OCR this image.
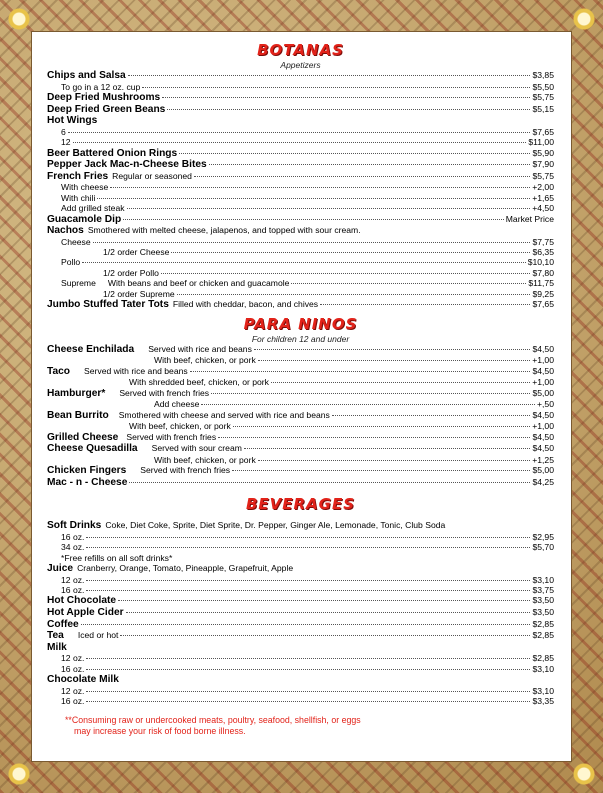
BOTANAS
Appetizers
Chips and Salsa	$3,85
To go in a 12 oz. cup	$5,50
Deep Fried Mushrooms	$5,75
Deep Fried Green Beans	$5,15
Hot Wings
6	$7,65
12	$11,00
Beer Battered Onion Rings	$5,90
Pepper Jack Mac-n-Cheese Bites	$7,90
French Fries Regular or seasoned	$5,75
With cheese	+2,00
With chili	+1,65
Add grilled steak	+4,50
Guacamole Dip	Market Price
Nachos Smothered with melted cheese, jalapenos, and topped with sour cream.
Cheese	$7,75
1/2 order Cheese	$6,35
Pollo	$10,10
1/2 order Pollo	$7,80
Supreme With beans and beef or chicken and guacamole	$11,75
1/2 order Supreme	$9,25
Jumbo Stuffed Tater Tots Filled with cheddar, bacon, and chives	$7,65
PARA NINOS
For children 12 and under
Cheese Enchilada Served with rice and beans	$4,50
With beef, chicken, or pork	+1,00
Taco Served with rice and beans	$4,50
With shredded beef, chicken, or pork	+1,00
Hamburger* Served with french fries	$5,00
Add cheese	+,50
Bean Burrito Smothered with cheese and served with rice and beans	$4,50
With beef, chicken, or pork	+1,00
Grilled Cheese Served with french fries	$4,50
Cheese Quesadilla Served with sour cream	$4,50
With beef, chicken, or pork	+1,25
Chicken Fingers Served with french fries	$5,00
Mac - n - Cheese	$4,25
BEVERAGES
Soft Drinks Coke, Diet Coke, Sprite, Diet Sprite, Dr. Pepper, Ginger Ale, Lemonade, Tonic, Club Soda
16 oz.	$2,95
34 oz.	$5,70
*Free refills on all soft drinks*
Juice Cranberry, Orange, Tomato, Pineapple, Grapefruit, Apple
12 oz.	$3,10
16 oz.	$3,75
Hot Chocolate	$3,50
Hot Apple Cider	$3,50
Coffee	$2,85
Tea Iced or hot	$2,85
Milk
12 oz.	$2,85
16 oz.	$3,10
Chocolate Milk
12 oz.	$3,10
16 oz.	$3,35
**Consuming raw or undercooked meats, poultry, seafood, shellfish, or eggs
may increase your risk of food borne illness.
